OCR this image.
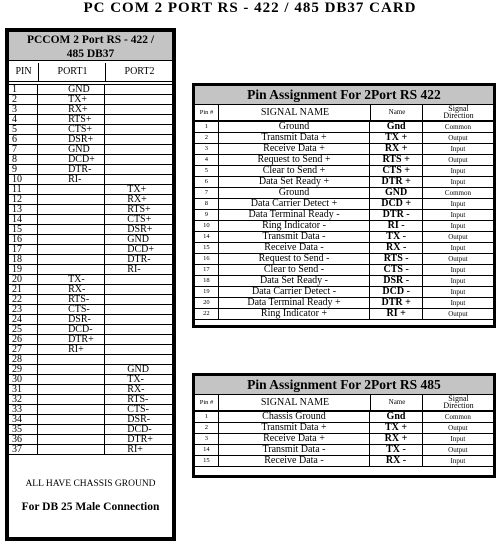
PC COM 2 PORT RS - 422 / 485 DB37 CARD
PCCOM 2 Port RS - 422 /
485 DB37
PIN	PORT1	PORT2
1	GND	
2	TX+	
3	RX+	
4	RTS+	
5	CTS+	
6	DSR+	
7	GND	
8	DCD+	
9	DTR-	
10	RI-	
11		TX+
12		RX+
13		RTS+
14		CTS+
15		DSR+
16		GND
17		DCD+
18		DTR-
19		RI-
20	TX-	
21	RX-	
22	RTS-	
23	CTS-	
24	DSR-	
25	DCD-	
26	DTR+	
27	RI+	
28		
29		GND
30		TX-
31		RX-
32		RTS-
33		CTS-
34		DSR-
35		DCD-
36		DTR+
37		RI+
ALL HAVE CHASSIS GROUND
For DB 25 Male Connection
Pin Assignment For 2Port RS 422
Pin #	SIGNAL NAME	Name	Signal
Direction
1	Ground	Gnd	Common
2	Transmit Data +	TX +	Output
3	Receive Data +	RX +	Input
4	Request to Send +	RTS +	Output
5	Clear to Send +	CTS +	Input
6	Data Set Ready +	DTR +	Input
7	Ground	GND	Common
8	Data Carrier Detect +	DCD +	Input
9	Data Terminal Ready -	DTR -	Input
10	Ring Indicator -	RI -	Input
14	Transmit Data -	TX -	Output
15	Receive Data -	RX -	Input
16	Request to Send -	RTS -	Output
17	Clear to Send -	CTS -	Input
18	Data Set Ready -	DSR -	Input
19	Data Carrier Detect -	DCD -	Input
20	Data Terminal Ready +	DTR +	Input
22	Ring Indicator +	RI +	Output
Pin Assignment For 2Port RS 485
Pin #	SIGNAL NAME	Name	Signal
Direction
1	Chassis Ground	Gnd	Common
2	Transmit Data +	TX +	Output
3	Receive Data +	RX +	Input
14	Transmit Data -	TX -	Output
15	Receive Data -	RX -	Input
